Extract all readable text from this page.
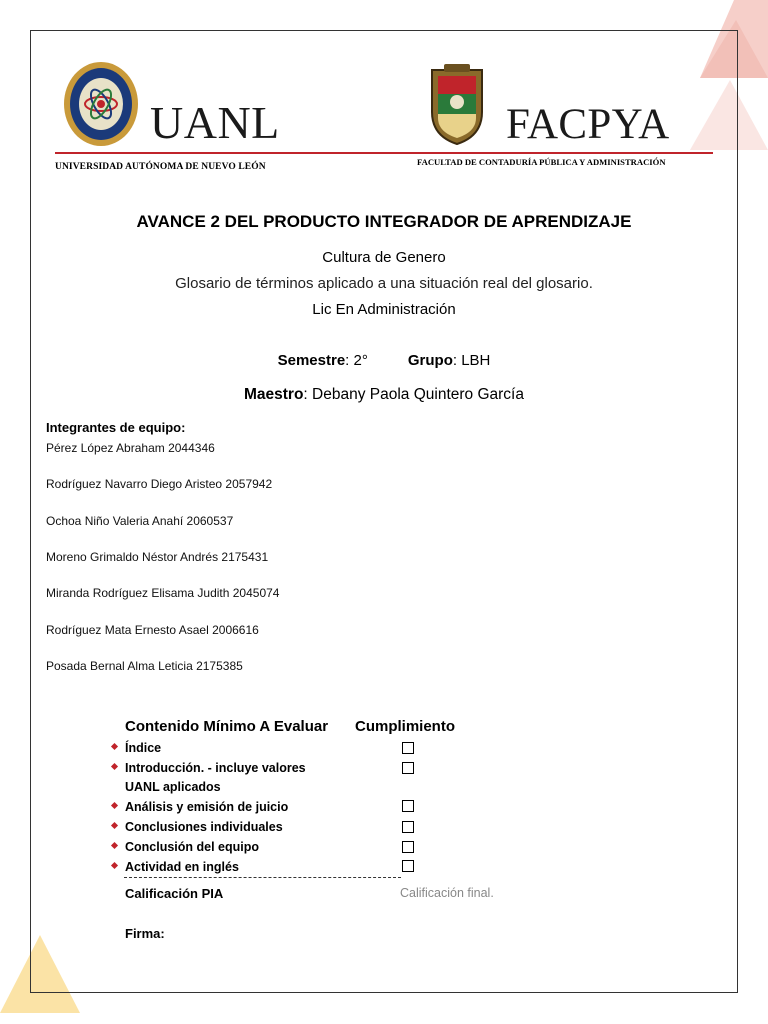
UANL
UNIVERSIDAD AUTÓNOMA DE NUEVO LEÓN
FACPYA
FACULTAD DE CONTADURÍA PÚBLICA Y ADMINISTRACIÓN
AVANCE 2 DEL PRODUCTO INTEGRADOR DE APRENDIZAJE
Cultura de Genero
Glosario de términos aplicado a una situación real del glosario.
Lic En Administración
Semestre: 2°	Grupo: LBH
Maestro: Debany Paola Quintero García
Integrantes de equipo:
Pérez López Abraham 2044346
Rodríguez Navarro Diego Aristeo 2057942
Ochoa Niño Valeria Anahí 2060537
Moreno Grimaldo Néstor Andrés 2175431
Miranda Rodríguez Elisama Judith 2045074
Rodríguez Mata Ernesto Asael 2006616
Posada Bernal Alma Leticia 2175385
Contenido Mínimo A Evaluar Cumplimiento
Índice
Introducción. - incluye valores
UANL aplicados
Análisis y emisión de juicio
Conclusiones individuales
Conclusión del equipo
Actividad en inglés
Calificación PIA	Calificación final.
Firma:
